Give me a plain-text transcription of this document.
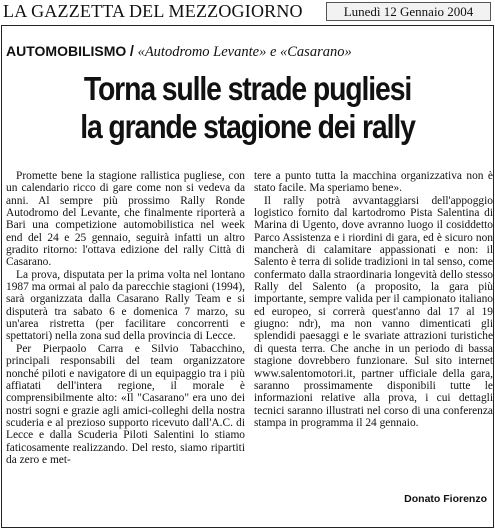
LA GAZZETTA DEL MEZZOGIORNO	Lunedì 12 Gennaio 2004
AUTOMOBILISMO / «Autodromo Levante» e «Casarano»
Torna sulle strade pugliesi
la grande stagione dei rally

Promette bene la stagione rallistica pugliese, con un calendario ricco di gare come non si vedeva da anni. Al sempre più prossimo Rally Ronde Autodromo del Levante, che finalmente riporterà a Bari una competizione automobilistica nel week end del 24 e 25 gennaio, seguirà infatti un altro gradito ritorno: l'ottava edizione del rally Città di Casarano.

La prova, disputata per la prima volta nel lontano 1987 ma ormai al palo da parecchie stagioni (1994), sarà organizzata dalla Casarano Rally Team e si disputerà tra sabato 6 e domenica 7 marzo, su un'area ristretta (per facilitare concorrenti e spettatori) nella zona sud della provincia di Lecce.

Per Pierpaolo Carra e Silvio Tabacchino, principali responsabili del team organizzatore nonché piloti e navigatore di un equipaggio tra i più affiatati dell'intera regione, il morale è comprensibilmente alto: «Il "Casarano" era uno dei nostri sogni e grazie agli amici-colleghi della nostra scuderia e al prezioso supporto ricevuto dall'A.C. di Lecce e dalla Scuderia Piloti Salentini lo stiamo faticosamente realizzando. Del resto, siamo ripartiti da zero e met-

tere a punto tutta la macchina organizzativa non è stato facile. Ma speriamo bene».

Il rally potrà avvantaggiarsi dell'appoggio logistico fornito dal kartodromo Pista Salentina di Marina di Ugento, dove avranno luogo il cosiddetto Parco Assistenza e i riordini di gara, ed è sicuro non mancherà di calamitare appassionati e non: il Salento è terra di solide tradizioni in tal senso, come confermato dalla straordinaria longevità dello stesso Rally del Salento (a proposito, la gara più importante, sempre valida per il campionato italiano ed europeo, si correrà quest'anno dal 17 al 19 giugno: ndr), ma non vanno dimenticati gli splendidi paesaggi e le svariate attrazioni turistiche di questa terra. Che anche in un periodo di bassa stagione dovrebbero funzionare. Sul sito internet www.salentomotori.it, partner ufficiale della gara, saranno prossimamente disponibili tutte le informazioni relative alla prova, i cui dettagli tecnici saranno illustrati nel corso di una conferenza stampa in programma il 24 gennaio.

Donato Fiorenzo
